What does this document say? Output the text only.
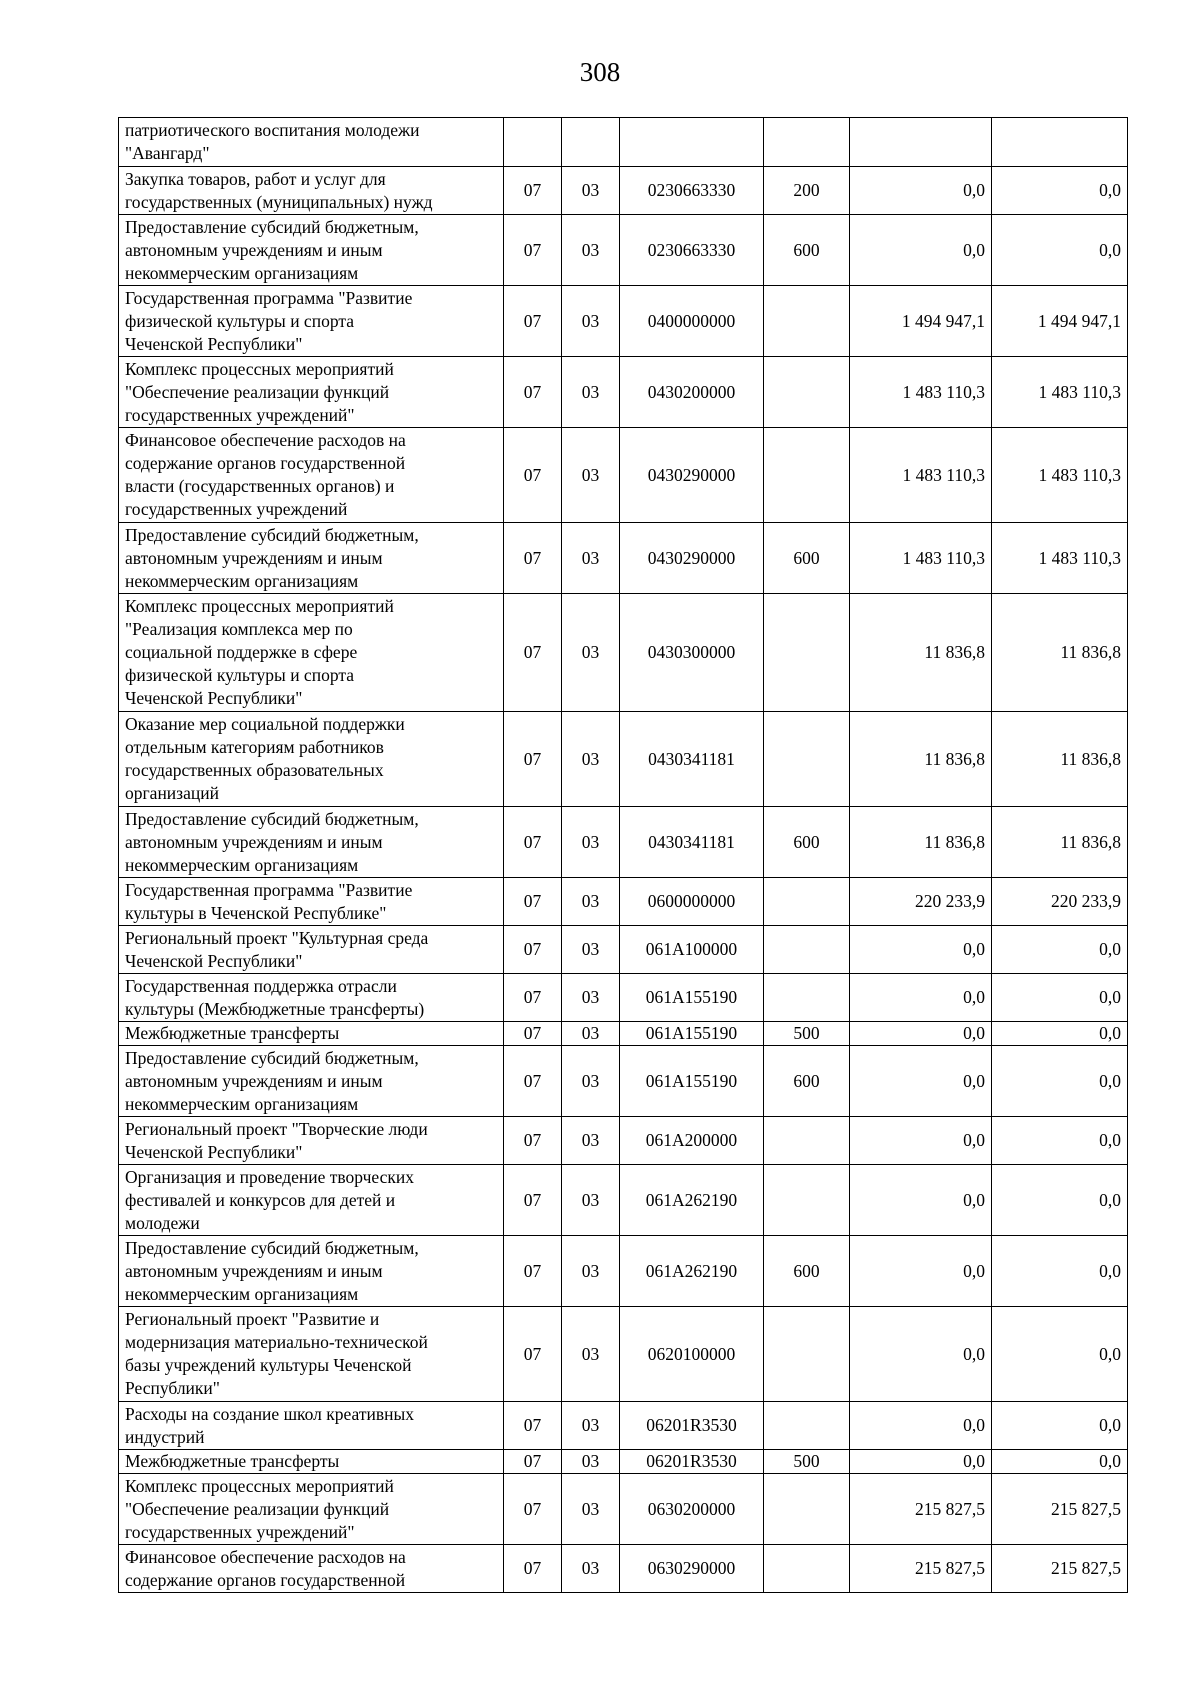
308
патриотического воспитания молодежи
"Авангард"						
Закупка товаров, работ и услуг для
государственных (муниципальных) нужд	07	03	0230663330	200	0,0	0,0
Предоставление субсидий бюджетным,
автономным учреждениям и иным
некоммерческим организациям	07	03	0230663330	600	0,0	0,0
Государственная программа "Развитие
физической культуры и спорта
Чеченской Республики"	07	03	0400000000		1 494 947,1	1 494 947,1
Комплекс процессных мероприятий
"Обеспечение реализации функций
государственных учреждений"	07	03	0430200000		1 483 110,3	1 483 110,3
Финансовое обеспечение расходов на
содержание органов государственной
власти (государственных органов) и
государственных учреждений	07	03	0430290000		1 483 110,3	1 483 110,3
Предоставление субсидий бюджетным,
автономным учреждениям и иным
некоммерческим организациям	07	03	0430290000	600	1 483 110,3	1 483 110,3
Комплекс процессных мероприятий
"Реализация комплекса мер по
социальной поддержке в сфере
физической культуры и спорта
Чеченской Республики"	07	03	0430300000		11 836,8	11 836,8
Оказание мер социальной поддержки
отдельным категориям работников
государственных образовательных
организаций	07	03	0430341181		11 836,8	11 836,8
Предоставление субсидий бюджетным,
автономным учреждениям и иным
некоммерческим организациям	07	03	0430341181	600	11 836,8	11 836,8
Государственная программа "Развитие
культуры в Чеченской Республике"	07	03	0600000000		220 233,9	220 233,9
Региональный проект "Культурная среда
Чеченской Республики"	07	03	061A100000		0,0	0,0
Государственная поддержка отрасли
культуры (Межбюджетные трансферты)	07	03	061A155190		0,0	0,0
Межбюджетные трансферты	07	03	061A155190	500	0,0	0,0
Предоставление субсидий бюджетным,
автономным учреждениям и иным
некоммерческим организациям	07	03	061A155190	600	0,0	0,0
Региональный проект "Творческие люди
Чеченской Республики"	07	03	061A200000		0,0	0,0
Организация и проведение творческих
фестивалей и конкурсов для детей и
молодежи	07	03	061A262190		0,0	0,0
Предоставление субсидий бюджетным,
автономным учреждениям и иным
некоммерческим организациям	07	03	061A262190	600	0,0	0,0
Региональный проект "Развитие и
модернизация материально-технической
базы учреждений культуры Чеченской
Республики"	07	03	0620100000		0,0	0,0
Расходы на создание школ креативных
индустрий	07	03	06201R3530		0,0	0,0
Межбюджетные трансферты	07	03	06201R3530	500	0,0	0,0
Комплекс процессных мероприятий
"Обеспечение реализации функций
государственных учреждений"	07	03	0630200000		215 827,5	215 827,5
Финансовое обеспечение расходов на
содержание органов государственной	07	03	0630290000		215 827,5	215 827,5
